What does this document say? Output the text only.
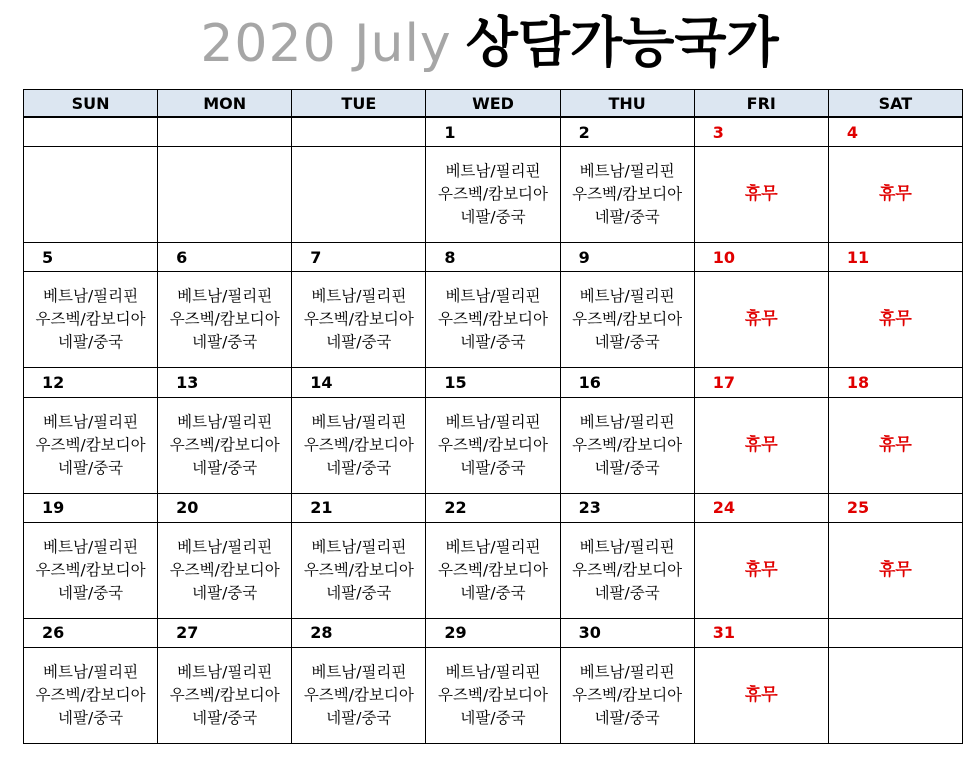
2020 July 상담가능국가
SUN	MON	TUE	WED	THU	FRI	SAT
			1	2	3	4

			베트남/필리핀
우즈벡/캄보디아
네팔/중국	베트남/필리핀
우즈벡/캄보디아
네팔/중국	휴무	휴무
5	6	7	8	9	10	11

베트남/필리핀
우즈벡/캄보디아
네팔/중국	베트남/필리핀
우즈벡/캄보디아
네팔/중국	베트남/필리핀
우즈벡/캄보디아
네팔/중국	베트남/필리핀
우즈벡/캄보디아
네팔/중국	베트남/필리핀
우즈벡/캄보디아
네팔/중국	휴무	휴무
12	13	14	15	16	17	18

베트남/필리핀
우즈벡/캄보디아
네팔/중국	베트남/필리핀
우즈벡/캄보디아
네팔/중국	베트남/필리핀
우즈벡/캄보디아
네팔/중국	베트남/필리핀
우즈벡/캄보디아
네팔/중국	베트남/필리핀
우즈벡/캄보디아
네팔/중국	휴무	휴무
19	20	21	22	23	24	25

베트남/필리핀
우즈벡/캄보디아
네팔/중국	베트남/필리핀
우즈벡/캄보디아
네팔/중국	베트남/필리핀
우즈벡/캄보디아
네팔/중국	베트남/필리핀
우즈벡/캄보디아
네팔/중국	베트남/필리핀
우즈벡/캄보디아
네팔/중국	휴무	휴무
26	27	28	29	30	31	

베트남/필리핀
우즈벡/캄보디아
네팔/중국	베트남/필리핀
우즈벡/캄보디아
네팔/중국	베트남/필리핀
우즈벡/캄보디아
네팔/중국	베트남/필리핀
우즈벡/캄보디아
네팔/중국	베트남/필리핀
우즈벡/캄보디아
네팔/중국	휴무	
